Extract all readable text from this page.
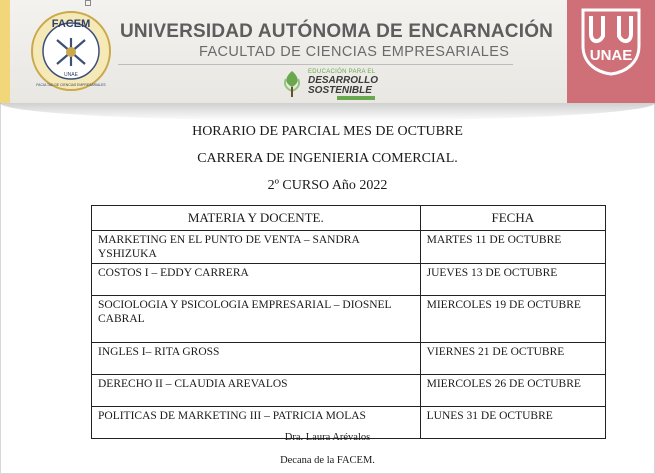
FACEM
UNAE
FACULTAD DE CIENCIAS EMPRESARIALES
UNIVERSIDAD AUTÓNOMA DE ENCARNACIÓN
FACULTAD DE CIENCIAS EMPRESARIALES
EDUCACIÓN PARA EL
DESARROLLO
SOSTENIBLE
UNAE
HORARIO DE PARCIAL MES DE OCTUBRE
CARRERA DE INGENIERIA COMERCIAL.
2º CURSO Año 2022
MATERIA Y DOCENTE.	FECHA
MARKETING EN EL PUNTO DE VENTA – SANDRA YSHIZUKA	MARTES 11 DE OCTUBRE
COSTOS I – EDDY CARRERA	JUEVES 13 DE OCTUBRE
SOCIOLOGIA Y PSICOLOGIA EMPRESARIAL – DIOSNEL CABRAL	MIERCOLES 19 DE OCTUBRE
INGLES I– RITA GROSS	VIERNES 21 DE OCTUBRE
DERECHO II – CLAUDIA AREVALOS	MIERCOLES 26 DE OCTUBRE
POLITICAS DE MARKETING III – PATRICIA MOLAS	LUNES 31 DE OCTUBRE
Dra. Laura Arévalos
Decana de la FACEM.
